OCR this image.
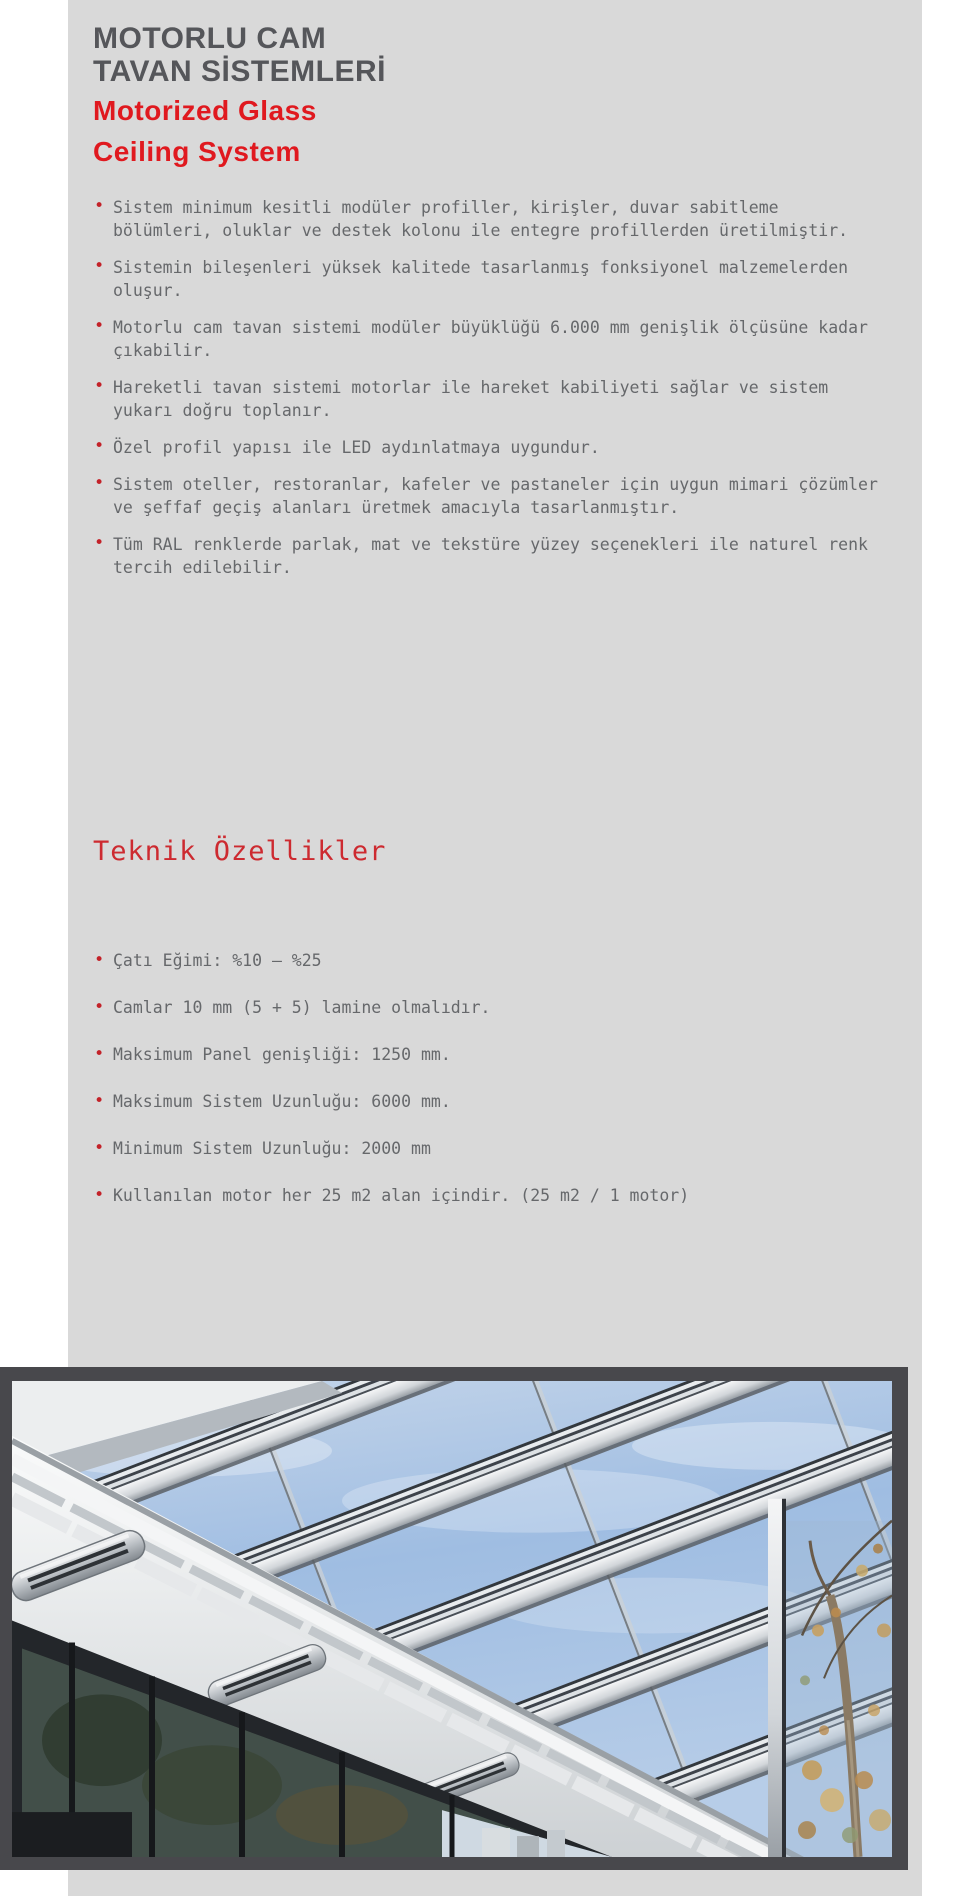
MOTORLU CAM
TAVAN SİSTEMLERİ
Motorized Glass
Ceiling System
• Sistem minimum kesitli modüler profiller, kirişler, duvar sabitleme bölümleri, oluklar ve destek kolonu ile entegre profillerden üretilmiştir.
• Sistemin bileşenleri yüksek kalitede tasarlanmış fonksiyonel malzemelerden oluşur.
• Motorlu cam tavan sistemi modüler büyüklüğü 6.000 mm genişlik ölçüsüne kadar çıkabilir.
• Hareketli tavan sistemi motorlar ile hareket kabiliyeti sağlar ve sistem yukarı doğru toplanır.
• Özel profil yapısı ile LED aydınlatmaya uygundur.
• Sistem oteller, restoranlar, kafeler ve pastaneler için uygun mimari çözümler ve şeffaf geçiş alanları üretmek amacıyla tasarlanmıştır.
• Tüm RAL renklerde parlak, mat ve tekstüre yüzey seçenekleri ile naturel renk tercih edilebilir.
Teknik Özellikler
• Çatı Eğimi: %10 – %25
• Camlar 10 mm (5 + 5) lamine olmalıdır.
• Maksimum Panel genişliği: 1250 mm.
• Maksimum Sistem Uzunluğu: 6000 mm.
• Minimum Sistem Uzunluğu: 2000 mm
• Kullanılan motor her 25 m2 alan içindir. (25 m2 / 1 motor)
